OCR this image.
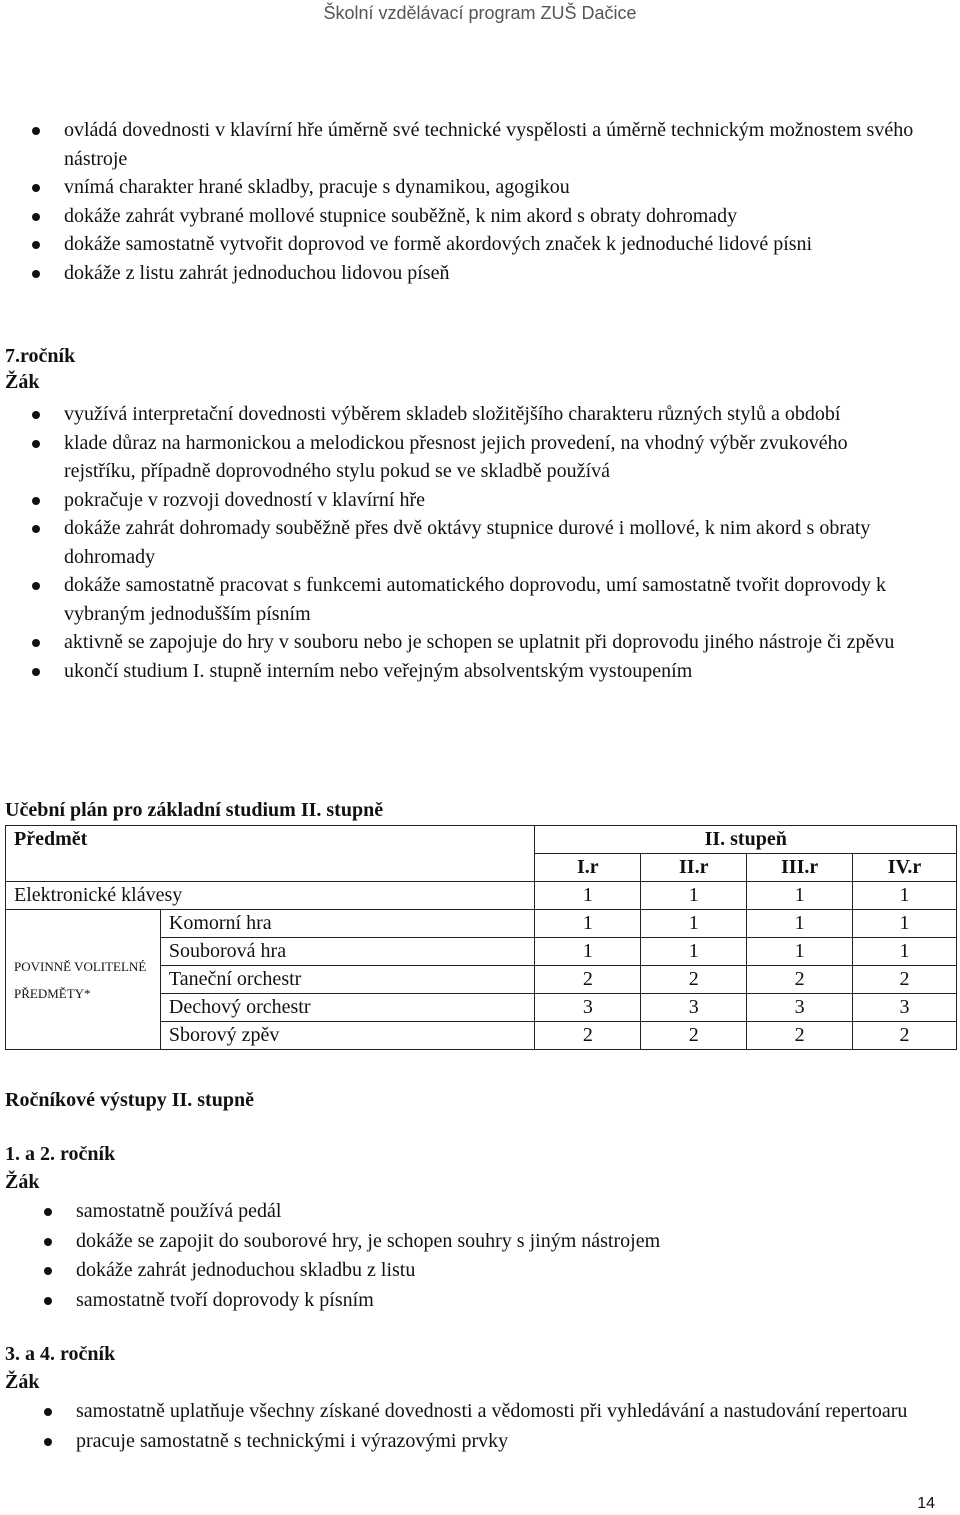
Školní vzdělávací program ZUŠ Dačice
ovládá dovednosti v klavírní hře úměrně své technické vyspělosti a úměrně technickým možnostem svého nástroje
vnímá charakter hrané skladby, pracuje s dynamikou, agogikou
dokáže zahrát vybrané mollové stupnice souběžně, k nim akord s obraty dohromady
dokáže samostatně vytvořit doprovod ve formě akordových značek k jednoduché lidové písni
dokáže z listu zahrát jednoduchou lidovou píseň
7.ročník
Žák
využívá interpretační dovednosti výběrem skladeb složitějšího charakteru různých stylů a období
klade důraz na harmonickou a melodickou přesnost jejich provedení, na vhodný výběr zvukového rejstříku, případně doprovodného stylu pokud se ve skladbě používá
pokračuje v rozvoji dovedností v klavírní hře
dokáže zahrát dohromady souběžně přes dvě oktávy stupnice durové i mollové, k nim akord s obraty dohromady
dokáže samostatně pracovat s funkcemi automatického doprovodu, umí samostatně tvořit doprovody k vybraným jednodušším písním
aktivně se zapojuje do hry v souboru nebo je schopen se uplatnit při doprovodu jiného nástroje či zpěvu
ukončí studium I. stupně interním nebo veřejným absolventským vystoupením
Učební plán pro základní studium II. stupně
Předmět		II. stupeň			
		I.r	II.r	III.r	IV.r
Elektronické klávesy		1	1	1	1
POVINNĚ VOLITELNÉ PŘEDMĚTY*	Komorní hra	1	1	1	1
	Souborová hra	1	1	1	1
	Taneční orchestr	2	2	2	2
	Dechový orchestr	3	3	3	3
	Sborový zpěv	2	2	2	2
Ročníkové výstupy II. stupně
1. a 2. ročník
Žák
samostatně používá pedál
dokáže se zapojit do souborové hry, je schopen souhry s jiným nástrojem
dokáže zahrát jednoduchou skladbu z listu
samostatně tvoří doprovody k písním
3. a 4. ročník
Žák
samostatně uplatňuje všechny získané dovednosti a vědomosti při vyhledávání a nastudování repertoaru
pracuje samostatně s technickými i výrazovými prvky
14
